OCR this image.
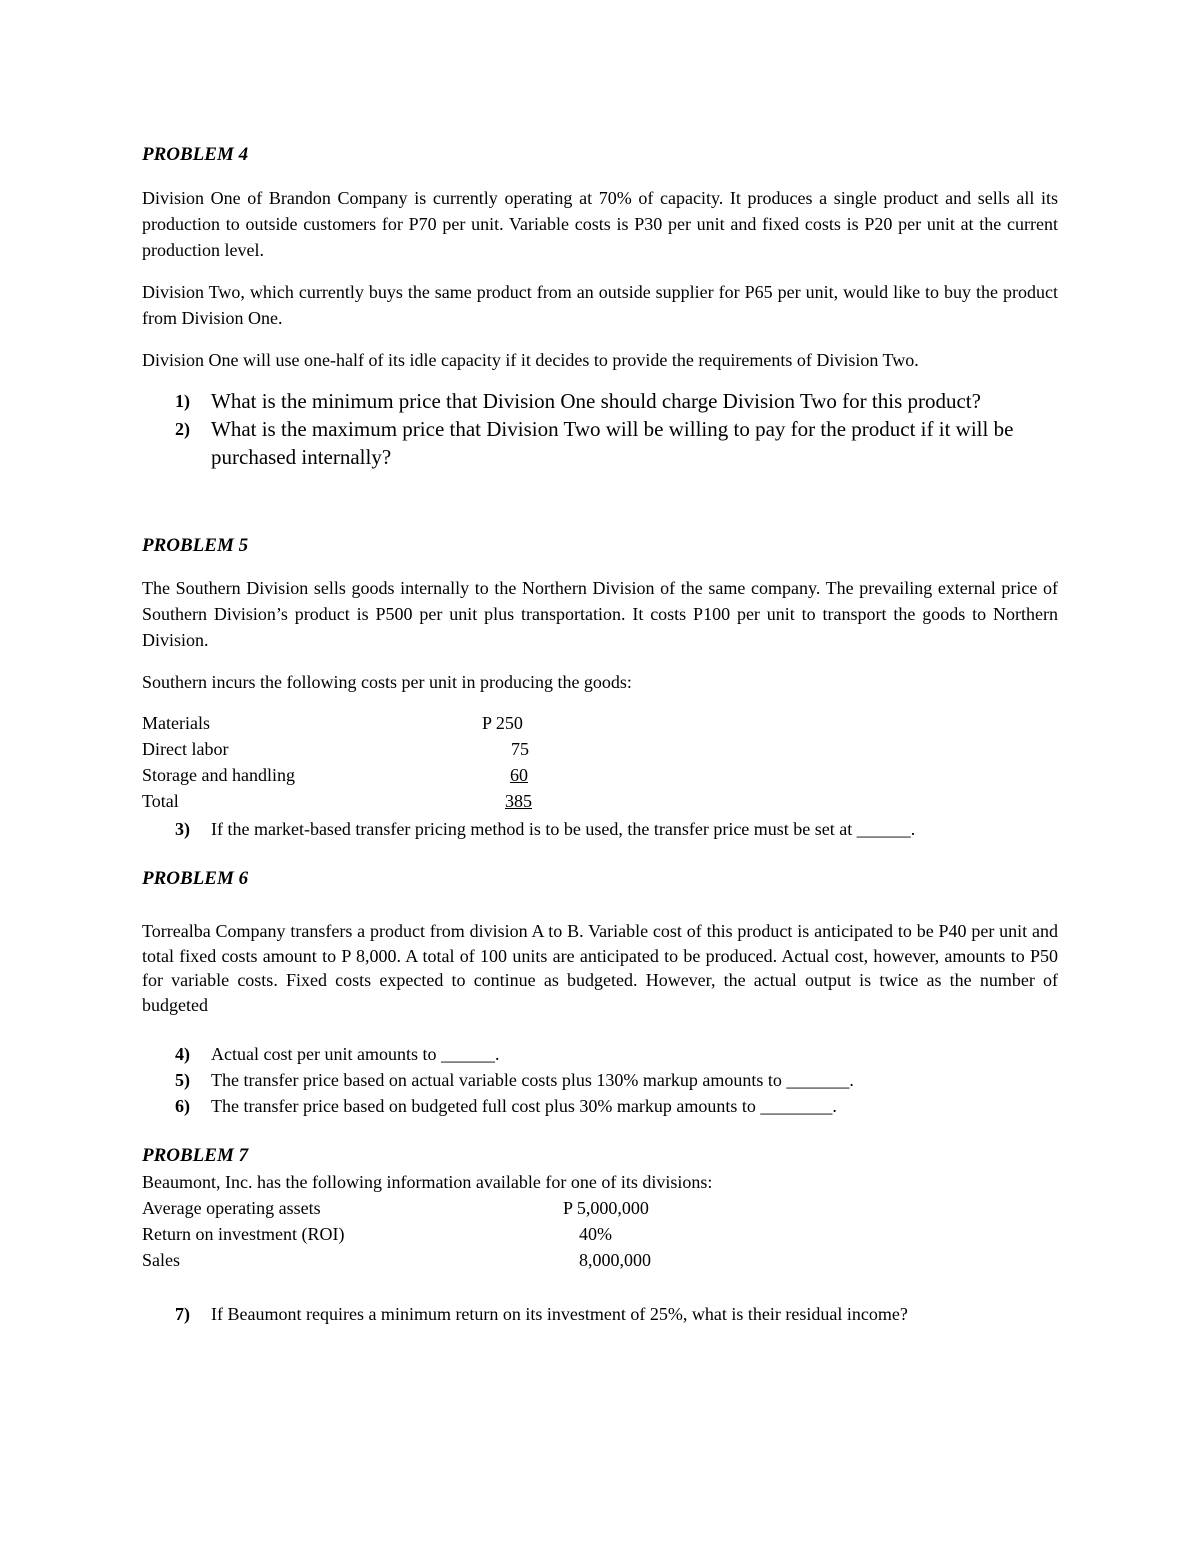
PROBLEM 4

Division One of Brandon Company is currently operating at 70% of capacity. It produces a single product and sells all its production to outside customers for P70 per unit. Variable costs is P30 per unit and fixed costs is P20 per unit at the current production level.

Division Two, which currently buys the same product from an outside supplier for P65 per unit, would like to buy the product from Division One.

Division One will use one-half of its idle capacity if it decides to provide the requirements of Division Two.

1) What is the minimum price that Division One should charge Division Two for this product?
2) What is the maximum price that Division Two will be willing to pay for the product if it will be purchased internally?

PROBLEM 5

The Southern Division sells goods internally to the Northern Division of the same company. The prevailing external price of Southern Division’s product is P500 per unit plus transportation. It costs P100 per unit to transport the goods to Northern Division.

Southern incurs the following costs per unit in producing the goods:

Materials	P 250
Direct labor	75
Storage and handling	60
Total	385
3) If the market-based transfer pricing method is to be used, the transfer price must be set at ______.

PROBLEM 6

Torrealba Company transfers a product from division A to B. Variable cost of this product is anticipated to be P40 per unit and total fixed costs amount to P 8,000. A total of 100 units are anticipated to be produced. Actual cost, however, amounts to P50 for variable costs. Fixed costs expected to continue as budgeted. However, the actual output is twice as the number of budgeted

4) Actual cost per unit amounts to ______.
5) The transfer price based on actual variable costs plus 130% markup amounts to _______.
6) The transfer price based on budgeted full cost plus 30% markup amounts to ________.

PROBLEM 7

Beaumont, Inc. has the following information available for one of its divisions:

Average operating assets	P 5,000,000
Return on investment (ROI)	40%
Sales	8,000,000
7) If Beaumont requires a minimum return on its investment of 25%, what is their residual income?
